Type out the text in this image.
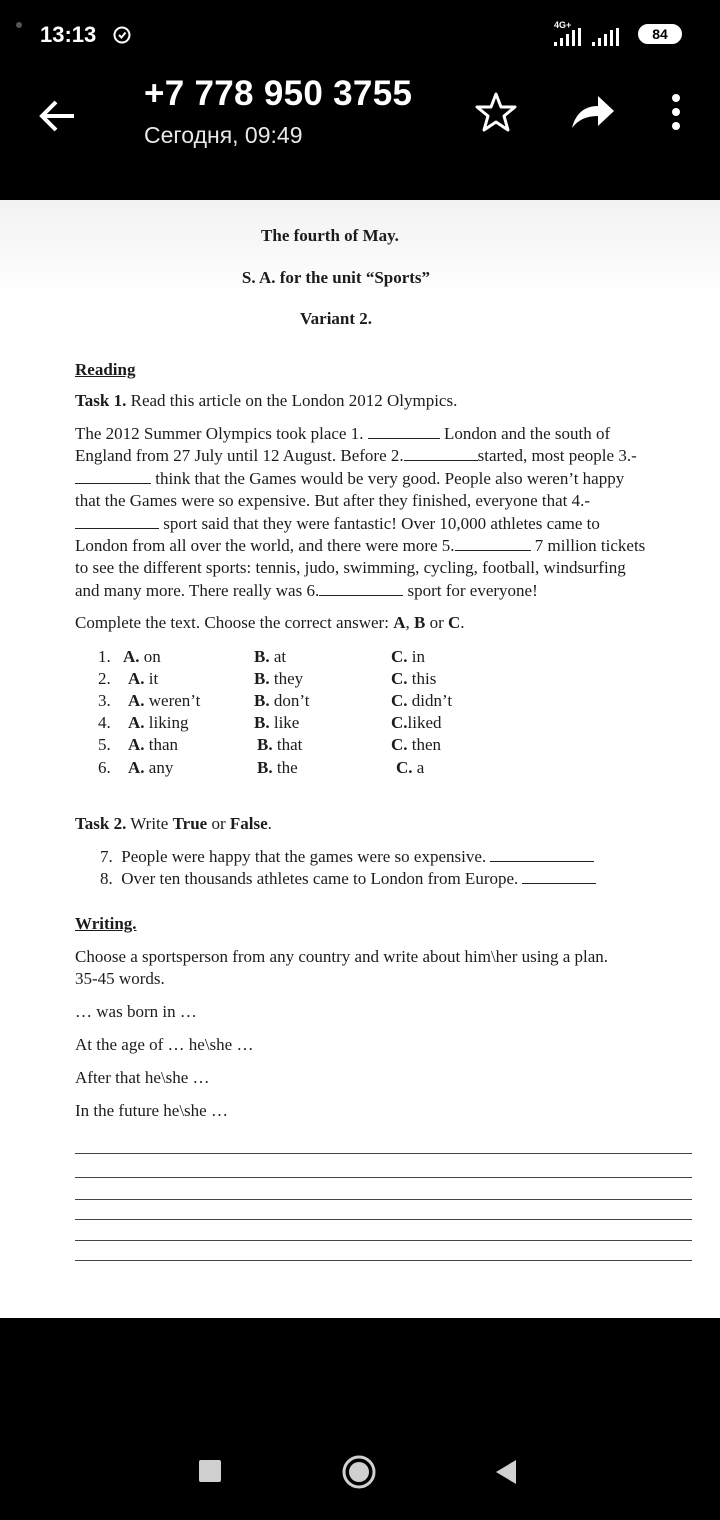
13:13	4G+
84
+7 778 950 3755
Сегодня, 09:49
The fourth of May.
S. A. for the unit “Sports”
Variant 2.
Reading
Task 1. Read this article on the London 2012 Olympics.
The 2012 Summer Olympics took place 1.	London and the south of
England from 27 July until 12 August. Before 2.	started, most people 3.-
think that the Games would be very good. People also weren’t happy
that the Games were so expensive. But after they finished, everyone that 4.-
sport said that they were fantastic! Over 10,000 athletes came to
London from all over the world, and there were more 5.	7 million tickets
to see the different sports: tennis, judo, swimming, cycling, football, windsurfing
and many more. There really was 6.	sport for everyone!
Complete the text. Choose the correct answer: A, B or C.
1. A. on	B. at	C. in
2. A. it	B. they	C. this
3. A. weren’t	B. don’t	C. didn’t
4. A. liking	B. like	C.liked
5. A. than	B. that	C. then
6. A. any	B. the	C. a
Task 2. Write True or False.
7. People were happy that the games were so expensive.
8. Over ten thousands athletes came to London from Europe.
Writing.
Choose a sportsperson from any country and write about him\her using a plan.
35-45 words.
… was born in …
At the age of … he\she …
After that he\she …
In the future he\she …
